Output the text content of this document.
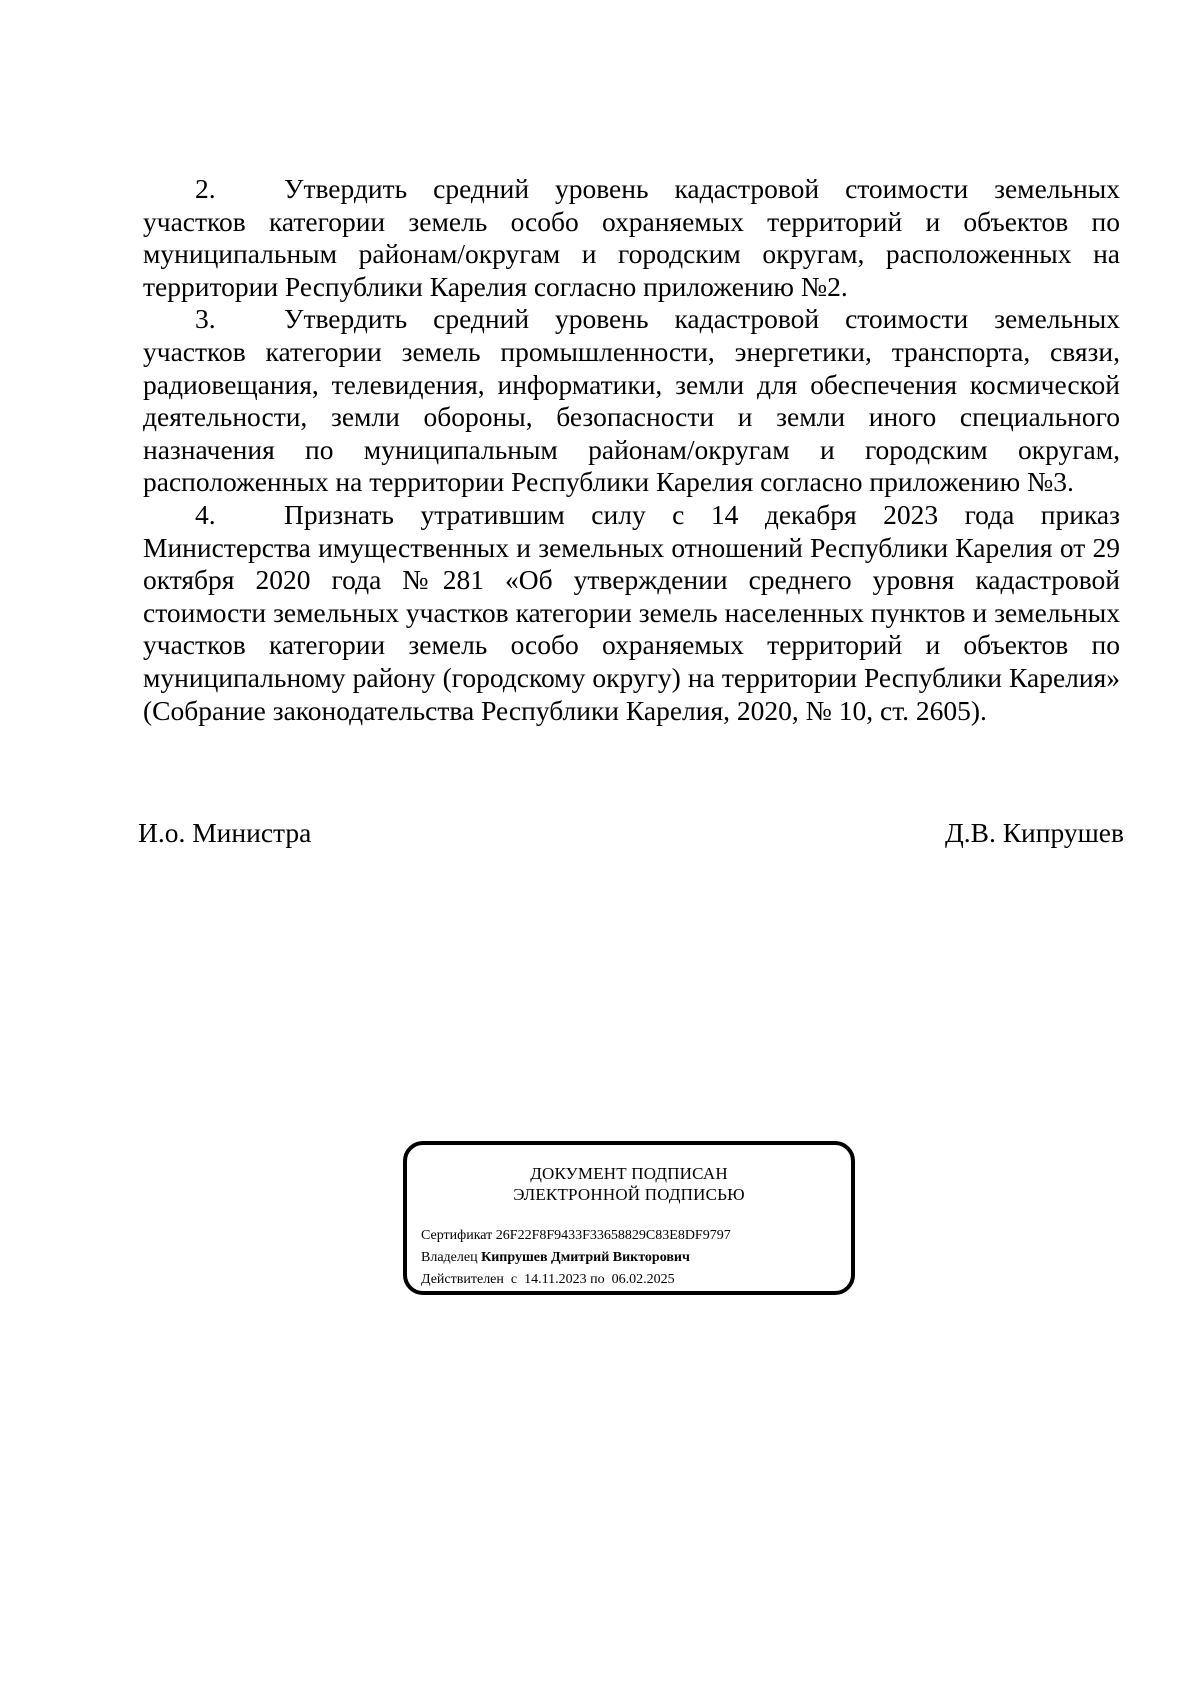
2. Утвердить средний уровень кадастровой стоимости земельных участков категории земель особо охраняемых территорий и объектов по муниципальным районам/округам и городским округам, расположенных на территории Республики Карелия согласно приложению №2.

3. Утвердить средний уровень кадастровой стоимости земельных участков категории земель промышленности, энергетики, транспорта, связи, радиовещания, телевидения, информатики, земли для обеспечения космической деятельности, земли обороны, безопасности и земли иного специального назначения по муниципальным районам/округам и городским округам, расположенных на территории Республики Карелия согласно приложению №3.

4. Признать утратившим силу с 14 декабря 2023 года приказ Министерства имущественных и земельных отношений Республики Карелия от 29 октября 2020 года №281 «Об утверждении среднего уровня кадастровой стоимости земельных участков категории земель населенных пунктов и земельных участков категории земель особо охраняемых территорий и объектов по муниципальному району (городскому округу) на территории Республики Карелия» (Собрание законодательства Республики Карелия, 2020, № 10, ст. 2605).

И.о. Министра	Д.В. Кипрушев
ДОКУМЕНТ ПОДПИСАН
ЭЛЕКТРОННОЙ ПОДПИСЬЮ
Сертификат 26F22F8F9433F33658829C83E8DF9797
Владелец Кипрушев Дмитрий Викторович
Действителен с 14.11.2023 по 06.02.2025
